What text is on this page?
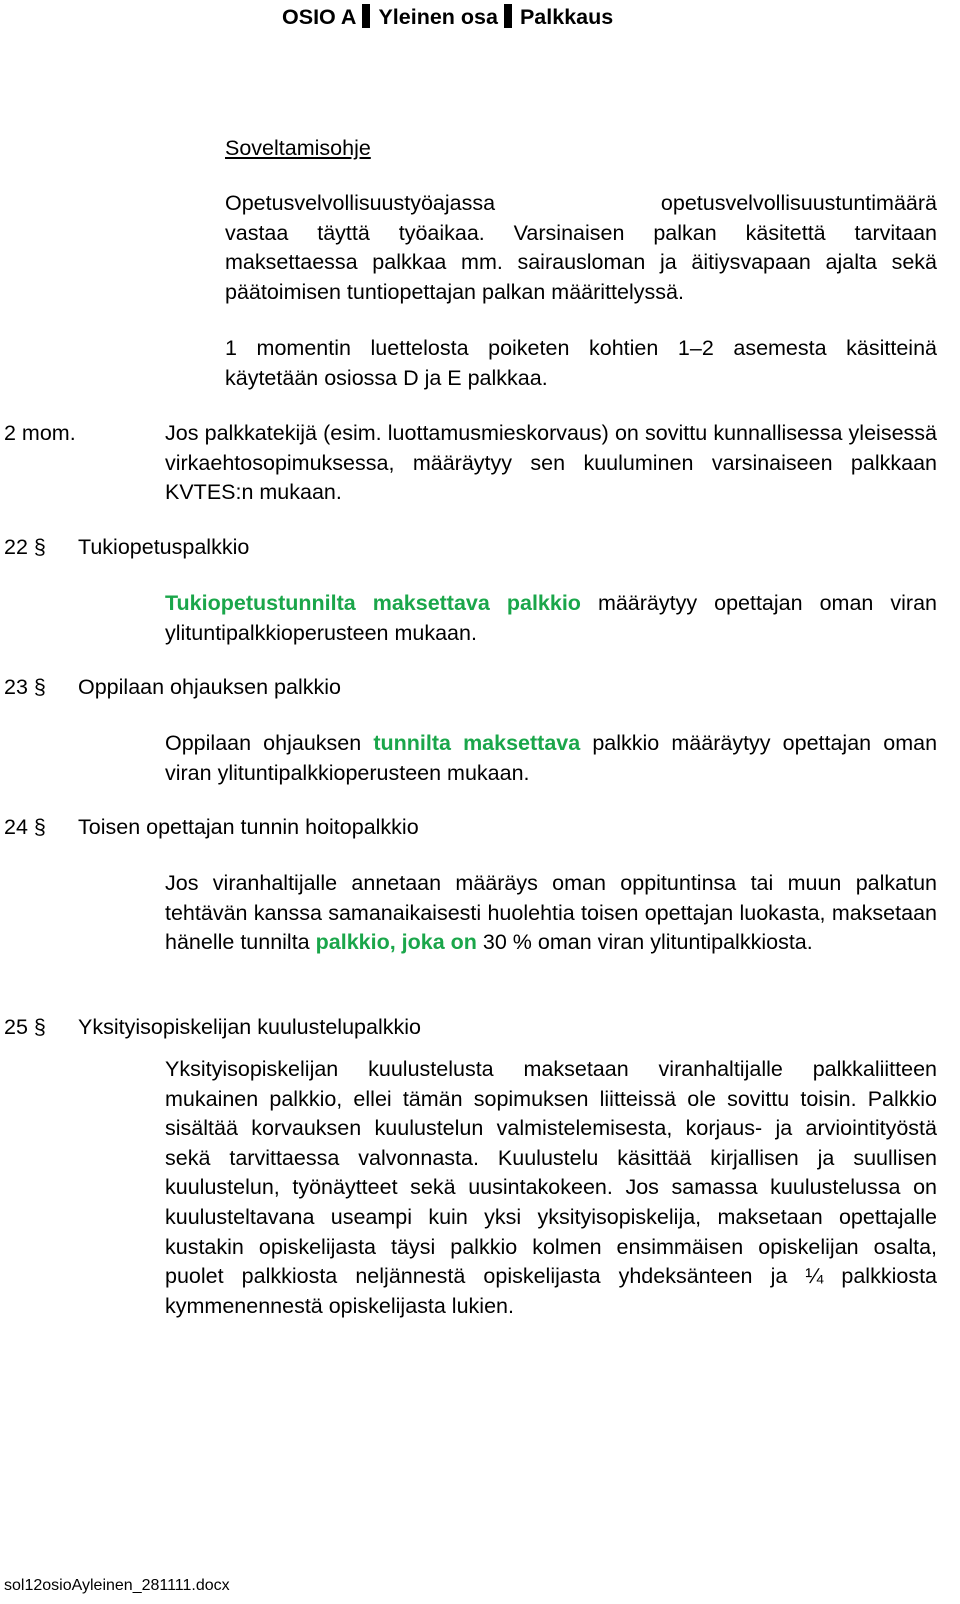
OSIO A Yleinen osa Palkkaus
Soveltamisohje
Opetusvelvollisuustyöajassa	opetusvelvollisuustuntimäärä
vastaa täyttä työaikaa. Varsinaisen palkan käsitettä tarvitaan maksettaessa palkkaa mm. sairausloman ja äitiysvapaan ajalta sekä päätoimisen tuntiopettajan palkan määrittelyssä.
1 momentin luettelosta poiketen kohtien 1–2 asemesta käsitteinä käytetään osiossa D ja E palkkaa.
2 mom.	Jos palkkatekijä (esim. luottamusmieskorvaus) on sovittu kunnallisessa yleisessä virkaehtosopimuksessa, määräytyy sen kuuluminen varsinaiseen palkkaan KVTES:n mukaan.
22 § Tukiopetuspalkkio
Tukiopetustunnilta maksettava palkkio määräytyy opettajan oman viran ylituntipalkkioperusteen mukaan.
23 § Oppilaan ohjauksen palkkio
Oppilaan ohjauksen tunnilta maksettava palkkio määräytyy opettajan oman viran ylituntipalkkioperusteen mukaan.
24 § Toisen opettajan tunnin hoitopalkkio
Jos viranhaltijalle annetaan määräys oman oppituntinsa tai muun palkatun tehtävän kanssa samanaikaisesti huolehtia toisen opettajan luokasta, maksetaan hänelle tunnilta palkkio, joka on 30 % oman viran ylituntipalkkiosta.
25 § Yksityisopiskelijan kuulustelupalkkio
Yksityisopiskelijan kuulustelusta maksetaan viranhaltijalle palkkaliitteen mukainen palkkio, ellei tämän sopimuksen liitteissä ole sovittu toisin. Palkkio sisältää korvauksen kuulustelun valmistelemisesta, korjaus- ja arviointityöstä sekä tarvittaessa valvonnasta. Kuulustelu käsittää kirjallisen ja suullisen kuulustelun, työnäytteet sekä uusintakokeen. Jos samassa kuulustelussa on kuulusteltavana useampi kuin yksi yksityisopiskelija, maksetaan opettajalle kustakin opiskelijasta täysi palkkio kolmen ensimmäisen opiskelijan osalta, puolet palkkiosta neljännestä opiskelijasta yhdeksänteen ja ¼ palkkiosta kymmenennestä opiskelijasta lukien.
sol12osioAyleinen_281111.docx
